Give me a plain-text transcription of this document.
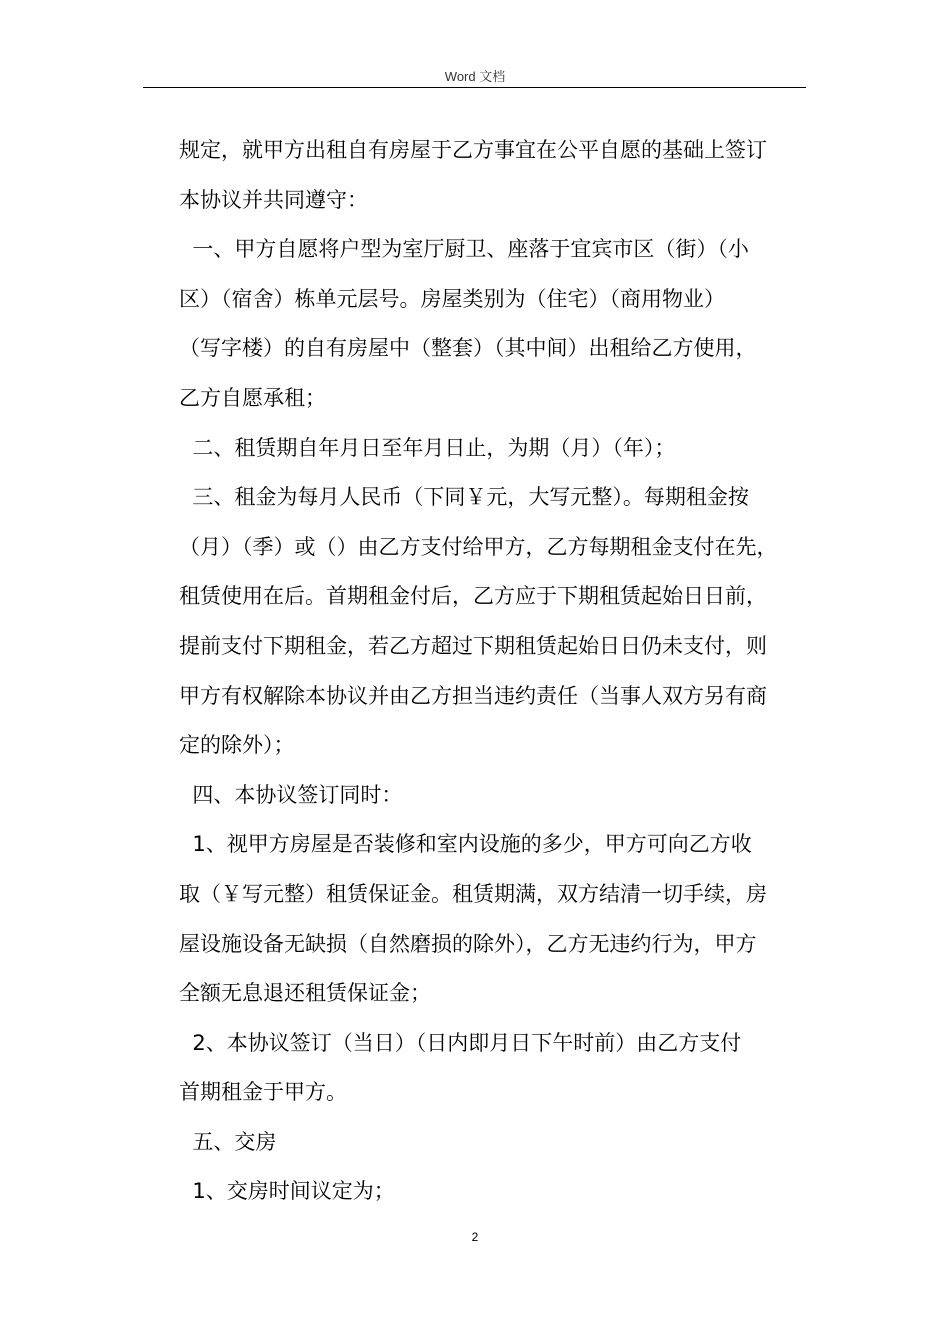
Word 文档
规定，就甲方出租自有房屋于乙方事宜在公平自愿的基础上签订
本协议并共同遵守：
一、甲方自愿将户型为室厅厨卫、座落于宜宾市区（街）（小
区）（宿舍）栋单元层号。房屋类别为（住宅）（商用物业）
（写字楼）的自有房屋中（整套）（其中间）出租给乙方使用，
乙方自愿承租；
二、租赁期自年月日至年月日止，为期（月）（年）；
三、租金为每月人民币（下同￥元，大写元整）。每期租金按
（月）（季）或（）由乙方支付给甲方，乙方每期租金支付在先，
租赁使用在后。首期租金付后，乙方应于下期租赁起始日日前，
提前支付下期租金，若乙方超过下期租赁起始日日仍未支付，则
甲方有权解除本协议并由乙方担当违约责任（当事人双方另有商
定的除外）；
四、本协议签订同时：
1、视甲方房屋是否装修和室内设施的多少，甲方可向乙方收
取（￥写元整）租赁保证金。租赁期满，双方结清一切手续，房
屋设施设备无缺损（自然磨损的除外），乙方无违约行为，甲方
全额无息退还租赁保证金；
2、本协议签订（当日）（日内即月日下午时前）由乙方支付
首期租金于甲方。
五、交房
1、交房时间议定为；
2
